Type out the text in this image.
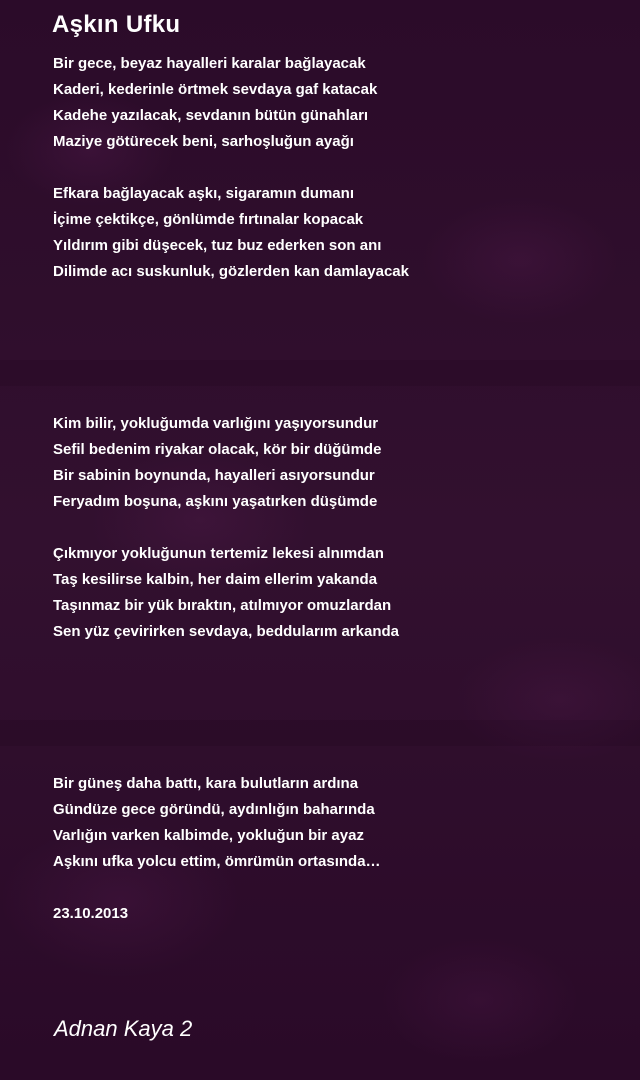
Aşkın Ufku
Bir gece, beyaz hayalleri karalar bağlayacak
Kaderi, kederinle örtmek sevdaya gaf katacak
Kadehe yazılacak, sevdanın bütün günahları
Maziye götürecek beni, sarhoşluğun ayağı
Efkara bağlayacak aşkı, sigaramın dumanı
İçime çektikçe, gönlümde fırtınalar kopacak
Yıldırım gibi düşecek, tuz buz ederken son anı
Dilimde acı suskunluk, gözlerden kan damlayacak
Kim bilir, yokluğumda varlığını yaşıyorsundur
Sefil bedenim riyakar olacak, kör bir düğümde
Bir sabinin boynunda, hayalleri asıyorsundur
Feryadım boşuna, aşkını yaşatırken düşümde
Çıkmıyor yokluğunun tertemiz lekesi alnımdan
Taş kesilirse kalbin, her daim ellerim yakanda
Taşınmaz bir yük bıraktın, atılmıyor omuzlardan
Sen yüz çevirirken sevdaya, beddularım arkanda
Bir güneş daha battı, kara bulutların ardına
Gündüze gece göründü, aydınlığın baharında
Varlığın varken kalbimde, yokluğun bir ayaz
Aşkını ufka yolcu ettim, ömrümün ortasında…
23.10.2013
Adnan Kaya 2
